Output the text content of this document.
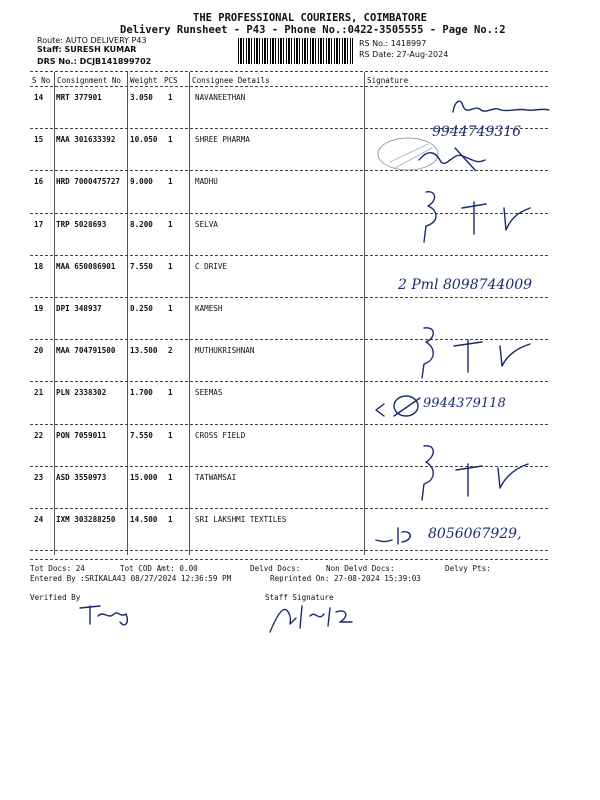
THE PROFESSIONAL COURIERS, COIMBATORE
Delivery Runsheet - P43 - Phone No.:0422-3505555 - Page No.:2
Route: AUTO DELIVERY P43
Staff: SURESH KUMAR
DRS No.: DCJB141899702
RS No.: 1418997
RS Date: 27-Aug-2024
S No Consignment No Weight PCS Consignee Details	Signature
14 MRT 377901	3.050 1	NAVANEETHAN
15 MAA 301633392 10.050 1	SHREE PHARMA
16 HRD 7000475727 9.000 1	MADHU
17 TRP 5028693	8.200 1	SELVA
18 MAA 650086901 7.550 1	C DRIVE
19 DPI 348937	0.250 1	KAMESH
20 MAA 704791500 13.500 2	MUTHUKRISHNAN
21 PLN 2338302	1.700 1	SEEMAS
22 PON 7059011	7.550 1	CROSS FIELD
23 ASD 3550973	15.000 1	TATWAMSAI
24 IXM 303288250 14.500 1	SRI LAKSHMI TEXTILES
9944749316
2 Pml 8098744009
9944379118
8056067929,
Tot Docs: 24	Tot COD Amt: 0.00	Delvd Docs:	Non Delvd Docs:	Delvy Pts:
Entered By :SRIKALA43 08/27/2024 12:36:59 PM	Reprinted On: 27-08-2024 15:39:03
Verified By	Staff Signature
